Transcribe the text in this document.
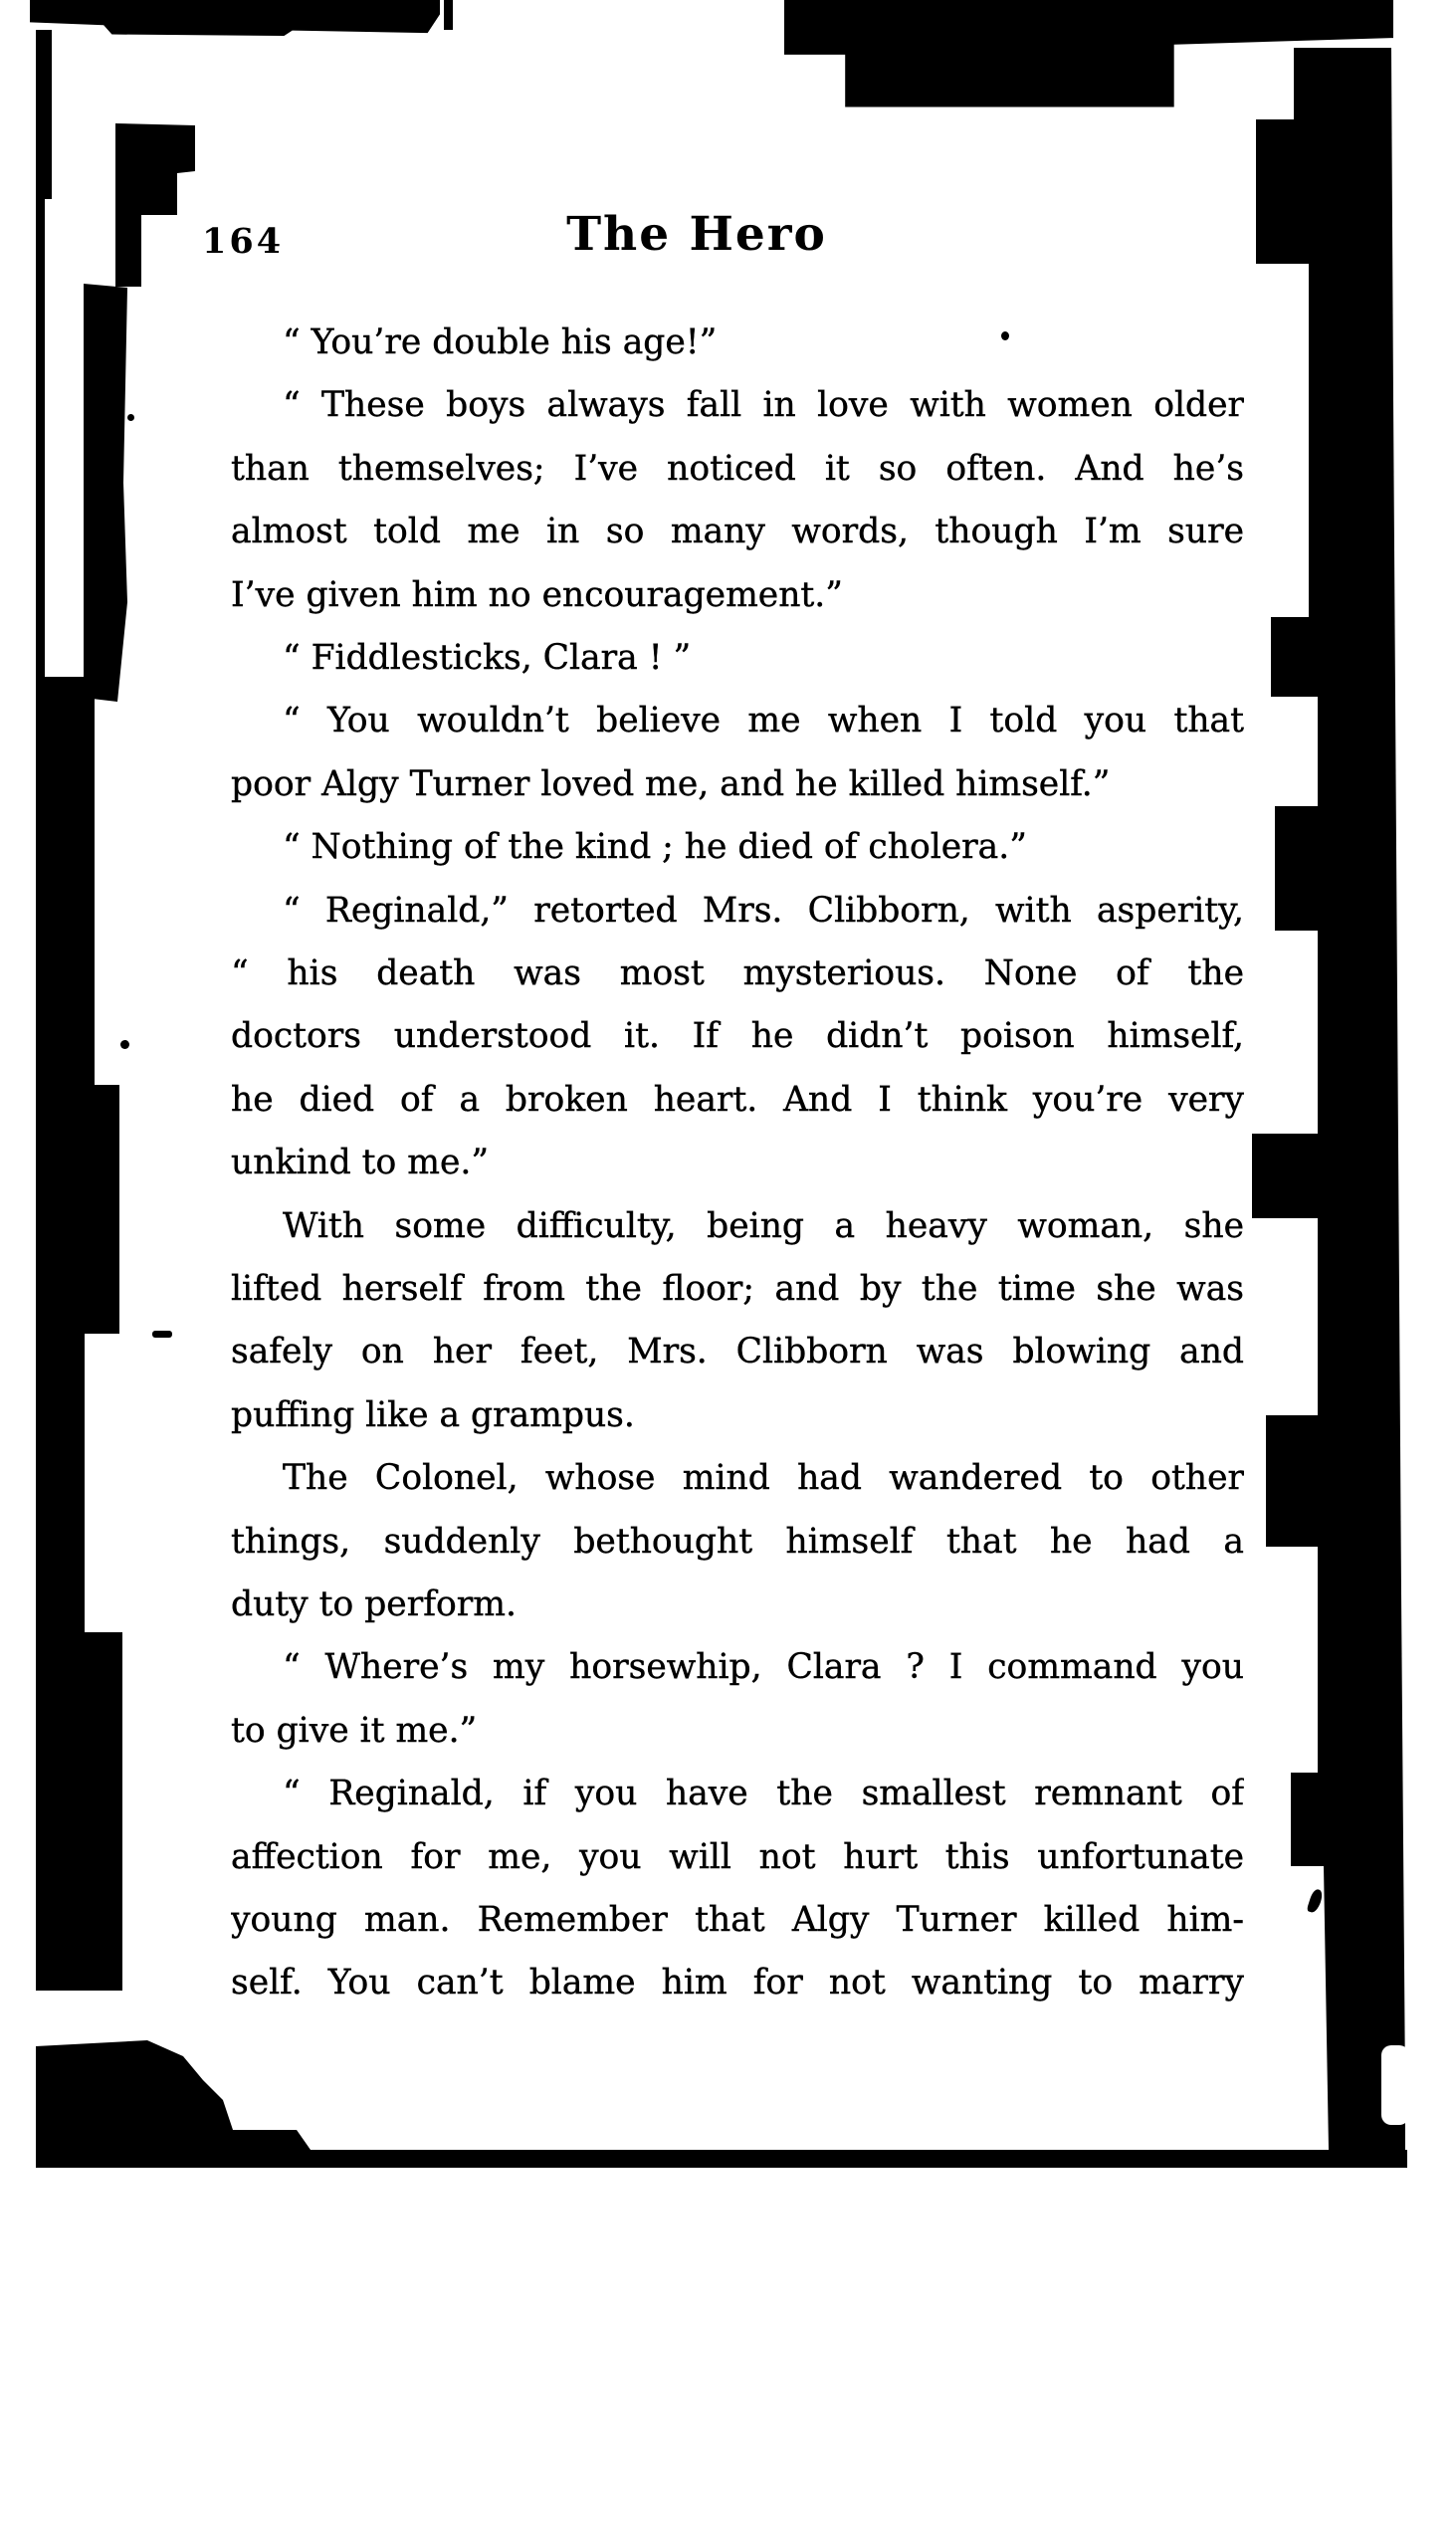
164	The Hero
“ You’re double his age!”
“ These boys always fall in love with women older
than themselves; I’ve noticed it so often. And he’s
almost told me in so many words, though I’m sure
I’ve given him no encouragement.”
“ Fiddlesticks, Clara ! ”
“ You wouldn’t believe me when I told you that
poor Algy Turner loved me, and he killed himself.”
“ Nothing of the kind ; he died of cholera.”
“ Reginald,” retorted Mrs. Clibborn, with asperity,
“ his death was most mysterious. None of the
doctors understood it. If he didn’t poison himself,
he died of a broken heart. And I think you’re very
unkind to me.”
With some difficulty, being a heavy woman, she
lifted herself from the floor; and by the time she was
safely on her feet, Mrs. Clibborn was blowing and
puffing like a grampus.
The Colonel, whose mind had wandered to other
things, suddenly bethought himself that he had a
duty to perform.
“ Where’s my horsewhip, Clara ? I command you
to give it me.”
“ Reginald, if you have the smallest remnant of
affection for me, you will not hurt this unfortunate
young man. Remember that Algy Turner killed him-
self. You can’t blame him for not wanting to marry
